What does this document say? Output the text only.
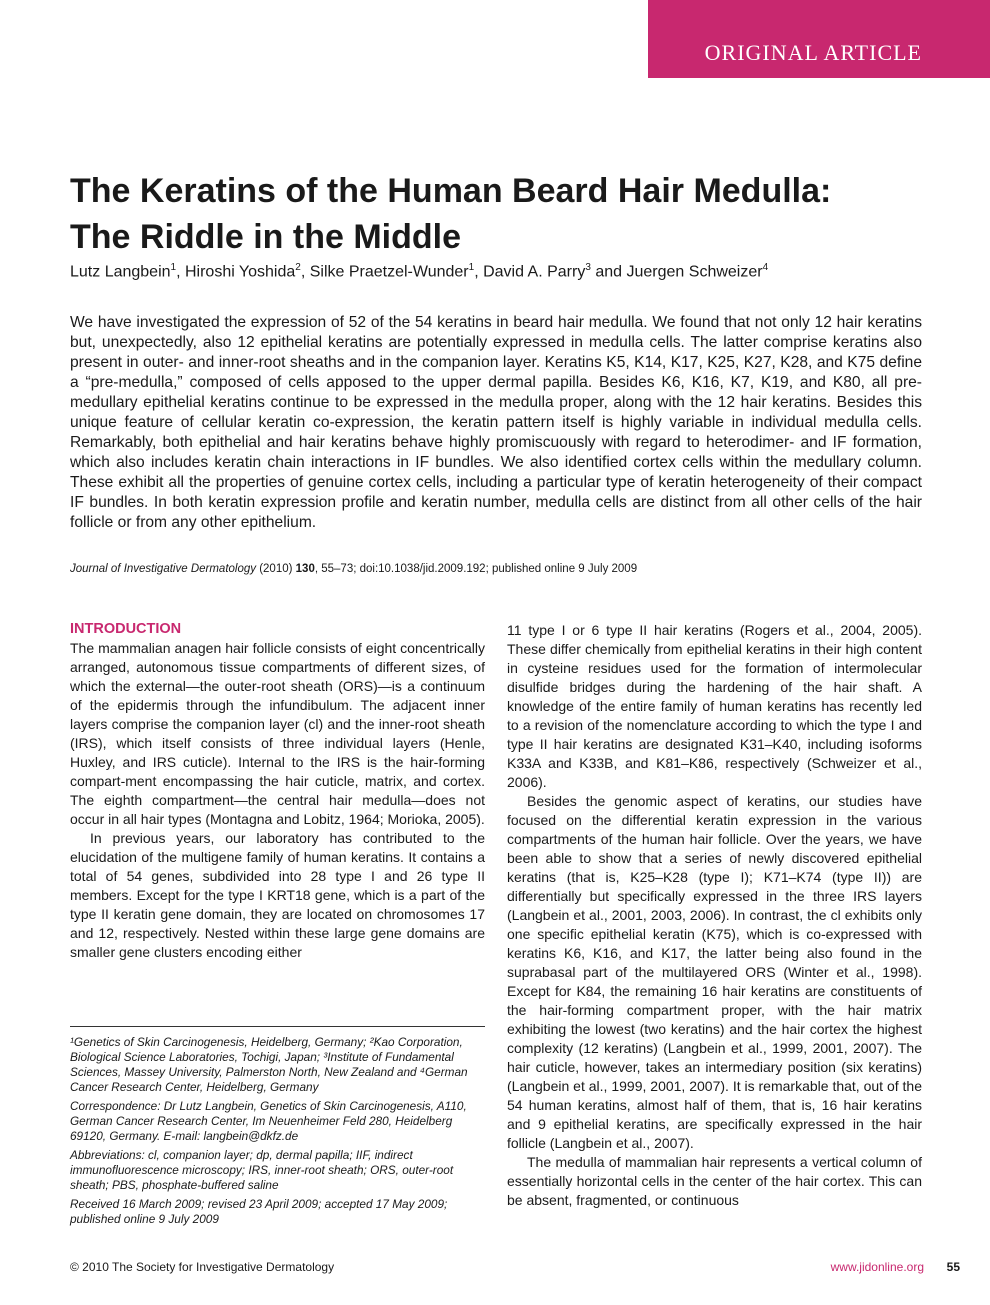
ORIGINAL ARTICLE
The Keratins of the Human Beard Hair Medulla:
The Riddle in the Middle
Lutz Langbein$^1$, Hiroshi Yoshida$^2$, Silke Praetzel-Wunder$^1$, David A. Parry$^3$ and Juergen Schweizer$^4$

We have investigated the expression of 52 of the 54 keratins in beard hair medulla. We found that not only 12 hair keratins but, unexpectedly, also 12 epithelial keratins are potentially expressed in medulla cells. The latter comprise keratins also present in outer- and inner-root sheaths and in the companion layer. Keratins K5, K14, K17, K25, K27, K28, and K75 define a “pre-medulla,” composed of cells apposed to the upper dermal papilla. Besides K6, K16, K7, K19, and K80, all pre-medullary epithelial keratins continue to be expressed in the medulla proper, along with the 12 hair keratins. Besides this unique feature of cellular keratin co-expression, the keratin pattern itself is highly variable in individual medulla cells. Remarkably, both epithelial and hair keratins behave highly promiscuously with regard to heterodimer- and IF formation, which also includes keratin chain interactions in IF bundles. We also identified cortex cells within the medullary column. These exhibit all the properties of genuine cortex cells, including a particular type of keratin heterogeneity of their compact IF bundles. In both keratin expression profile and keratin number, medulla cells are distinct from all other cells of the hair follicle or from any other epithelium.

Journal of Investigative Dermatology (2010) 130, 55–73; doi:10.1038/jid.2009.192; published online 9 July 2009
INTRODUCTION

The mammalian anagen hair follicle consists of eight concentrically arranged, autonomous tissue compartments of different sizes, of which the external—the outer-root sheath (ORS)—is a continuum of the epidermis through the infundibulum. The adjacent inner layers comprise the companion layer (cl) and the inner-root sheath (IRS), which itself consists of three individual layers (Henle, Huxley, and IRS cuticle). Internal to the IRS is the hair-forming compart-ment encompassing the hair cuticle, matrix, and cortex. The eighth compartment—the central hair medulla—does not occur in all hair types (Montagna and Lobitz, 1964; Morioka, 2005).

In previous years, our laboratory has contributed to the elucidation of the multigene family of human keratins. It contains a total of 54 genes, subdivided into 28 type I and 26 type II members. Except for the type I KRT18 gene, which is a part of the type II keratin gene domain, they are located on chromosomes 17 and 12, respectively. Nested within these large gene domains are smaller gene clusters encoding either

11 type I or 6 type II hair keratins (Rogers et al., 2004, 2005). These differ chemically from epithelial keratins in their high content in cysteine residues used for the formation of intermolecular disulfide bridges during the hardening of the hair shaft. A knowledge of the entire family of human keratins has recently led to a revision of the nomenclature according to which the type I and type II hair keratins are designated K31–K40, including isoforms K33A and K33B, and K81–K86, respectively (Schweizer et al., 2006).

Besides the genomic aspect of keratins, our studies have focused on the differential keratin expression in the various compartments of the human hair follicle. Over the years, we have been able to show that a series of newly discovered epithelial keratins (that is, K25–K28 (type I); K71–K74 (type II)) are differentially but specifically expressed in the three IRS layers (Langbein et al., 2001, 2003, 2006). In contrast, the cl exhibits only one specific epithelial keratin (K75), which is co-expressed with keratins K6, K16, and K17, the latter being also found in the suprabasal part of the multilayered ORS (Winter et al., 1998). Except for K84, the remaining 16 hair keratins are constituents of the hair-forming compartment proper, with the hair matrix exhibiting the lowest (two keratins) and the hair cortex the highest complexity (12 keratins) (Langbein et al., 1999, 2001, 2007). The hair cuticle, however, takes an intermediary position (six keratins) (Langbein et al., 1999, 2001, 2007). It is remarkable that, out of the 54 human keratins, almost half of them, that is, 16 hair keratins and 9 epithelial keratins, are specifically expressed in the hair follicle (Langbein et al., 2007).

The medulla of mammalian hair represents a vertical column of essentially horizontal cells in the center of the hair cortex. This can be absent, fragmented, or continuous

¹Genetics of Skin Carcinogenesis, Heidelberg, Germany; ²Kao Corporation, Biological Science Laboratories, Tochigi, Japan; ³Institute of Fundamental Sciences, Massey University, Palmerston North, New Zealand and ⁴German Cancer Research Center, Heidelberg, Germany

Correspondence: Dr Lutz Langbein, Genetics of Skin Carcinogenesis, A110, German Cancer Research Center, Im Neuenheimer Feld 280, Heidelberg 69120, Germany. E-mail: langbein@dkfz.de

Abbreviations: cl, companion layer; dp, dermal papilla; IIF, indirect immunofluorescence microscopy; IRS, inner-root sheath; ORS, outer-root sheath; PBS, phosphate-buffered saline

Received 16 March 2009; revised 23 April 2009; accepted 17 May 2009; published online 9 July 2009

© 2010 The Society for Investigative Dermatology	www.jidonline.org 55
